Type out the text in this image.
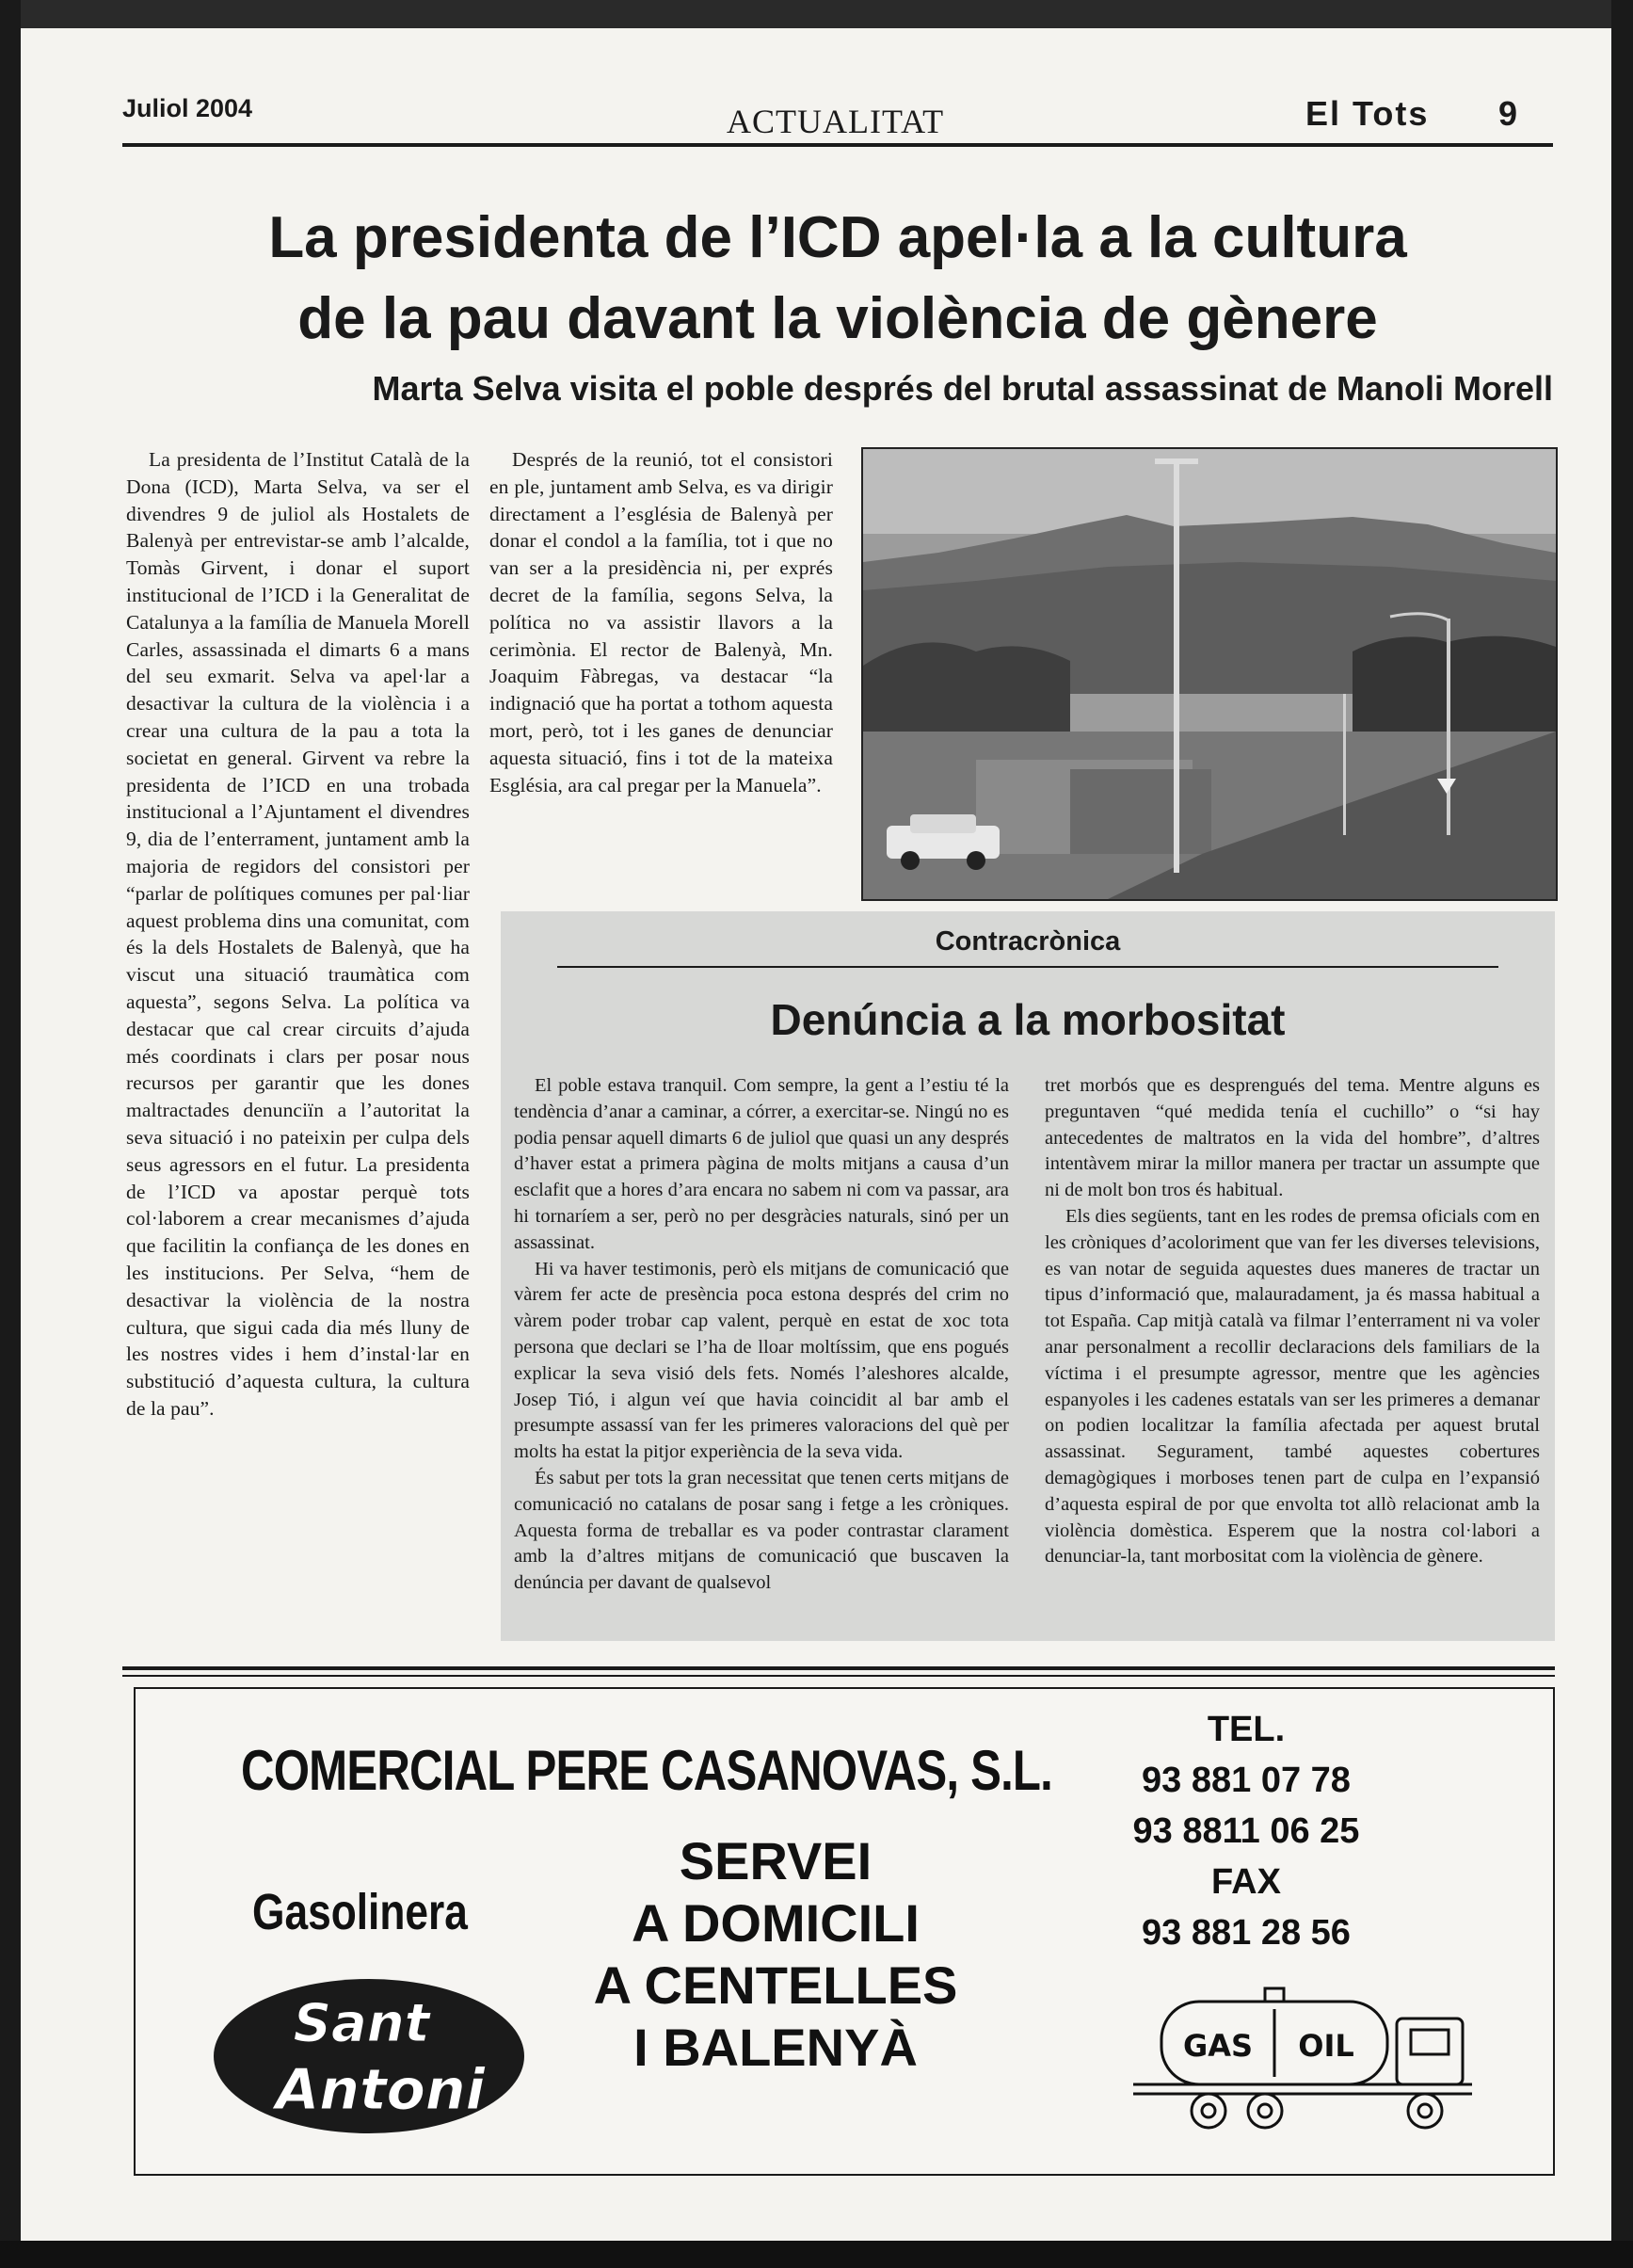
Juliol 2004	ACTUALITAT	El Tots 9
La presidenta de l’ICD apel·la a la cultura
de la pau davant la violència de gènere
Marta Selva visita el poble després del brutal assassinat de Manoli Morell

La presidenta de l’Institut Català de la Dona (ICD), Marta Selva, va ser el divendres 9 de juliol als Hostalets de Balenyà per entrevistar-se amb l’alcalde, Tomàs Girvent, i donar el suport institucional de l’ICD i la Generalitat de Catalunya a la família de Manuela Morell Carles, assassinada el dimarts 6 a mans del seu exmarit. Selva va apel·lar a desactivar la cultura de la violència i a crear una cultura de la pau a tota la societat en general. Girvent va rebre la presidenta de l’ICD en una trobada institucional a l’Ajuntament el divendres 9, dia de l’enterrament, juntament amb la majoria de regidors del consistori per “parlar de polítiques comunes per pal·liar aquest problema dins una comunitat, com és la dels Hostalets de Balenyà, que ha viscut una situació traumàtica com aquesta”, segons Selva. La política va destacar que cal crear circuits d’ajuda més coordinats i clars per posar nous recursos per garantir que les dones maltractades denunciïn a l’autoritat la seva situació i no pateixin per culpa dels seus agressors en el futur. La presidenta de l’ICD va apostar perquè tots col·laborem a crear mecanismes d’ajuda que facilitin la confiança de les dones en les institucions. Per Selva, “hem de desactivar la violència de la nostra cultura, que sigui cada dia més lluny de les nostres vides i hem d’instal·lar en substitució d’aquesta cultura, la cultura de la pau”.

Després de la reunió, tot el consistori en ple, juntament amb Selva, es va dirigir directament a l’església de Balenyà per donar el condol a la família, tot i que no van ser a la presidència ni, per exprés decret de la família, segons Selva, la política no va assistir llavors a la cerimònia. El rector de Balenyà, Mn. Joaquim Fàbregas, va destacar “la indignació que ha portat a tothom aquesta mort, però, tot i les ganes de denunciar aquesta situació, fins i tot de la mateixa Església, ara cal pregar per la Manuela”.

Contracrònica
Denúncia a la morbositat

El poble estava tranquil. Com sempre, la gent a l’estiu té la tendència d’anar a caminar, a córrer, a exercitar-se. Ningú no es podia pensar aquell dimarts 6 de juliol que quasi un any després d’haver estat a primera pàgina de molts mitjans a causa d’un esclafit que a hores d’ara encara no sabem ni com va passar, ara hi tornaríem a ser, però no per desgràcies naturals, sinó per un assassinat.

Hi va haver testimonis, però els mitjans de comunicació que vàrem fer acte de presència poca estona després del crim no vàrem poder trobar cap valent, perquè en estat de xoc tota persona que declari se l’ha de lloar moltíssim, que ens pogués explicar la seva visió dels fets. Només l’aleshores alcalde, Josep Tió, i algun veí que havia coincidit al bar amb el presumpte assassí van fer les primeres valoracions del què per molts ha estat la pitjor experiència de la seva vida.

És sabut per tots la gran necessitat que tenen certs mitjans de comunicació no catalans de posar sang i fetge a les cròniques. Aquesta forma de treballar es va poder contrastar clarament amb la d’altres mitjans de comunicació que buscaven la denúncia per davant de qualsevol

tret morbós que es desprengués del tema. Mentre alguns es preguntaven “qué medida tenía el cuchillo” o “si hay antecedentes de maltratos en la vida del hombre”, d’altres intentàvem mirar la millor manera per tractar un assumpte que ni de molt bon tros és habitual.

Els dies següents, tant en les rodes de premsa oficials com en les cròniques d’acoloriment que van fer les diverses televisions, es van notar de seguida aquestes dues maneres de tractar un tipus d’informació que, malauradament, ja és massa habitual a tot España. Cap mitjà català va filmar l’enterrament ni va voler anar personalment a recollir declaracions dels familiars de la víctima i el presumpte agressor, mentre que les agències espanyoles i les cadenes estatals van ser les primeres a demanar on podien localitzar la família afectada per aquest brutal assassinat. Segurament, també aquestes cobertures demagògiques i morboses tenen part de culpa en l’expansió d’aquesta espiral de por que envolta tot allò relacionat amb la violència domèstica. Esperem que la nostra col·labori a denunciar-la, tant morbositat com la violència de gènere.

COMERCIAL PERE CASANOVAS, S.L.
Gasolinera
Sant
Antoni
SERVEI
A DOMICILI
A CENTELLES
I BALENYÀ
TEL.
93 881 07 78
93 8811 06 25
FAX
93 881 28 56
GAS OIL
